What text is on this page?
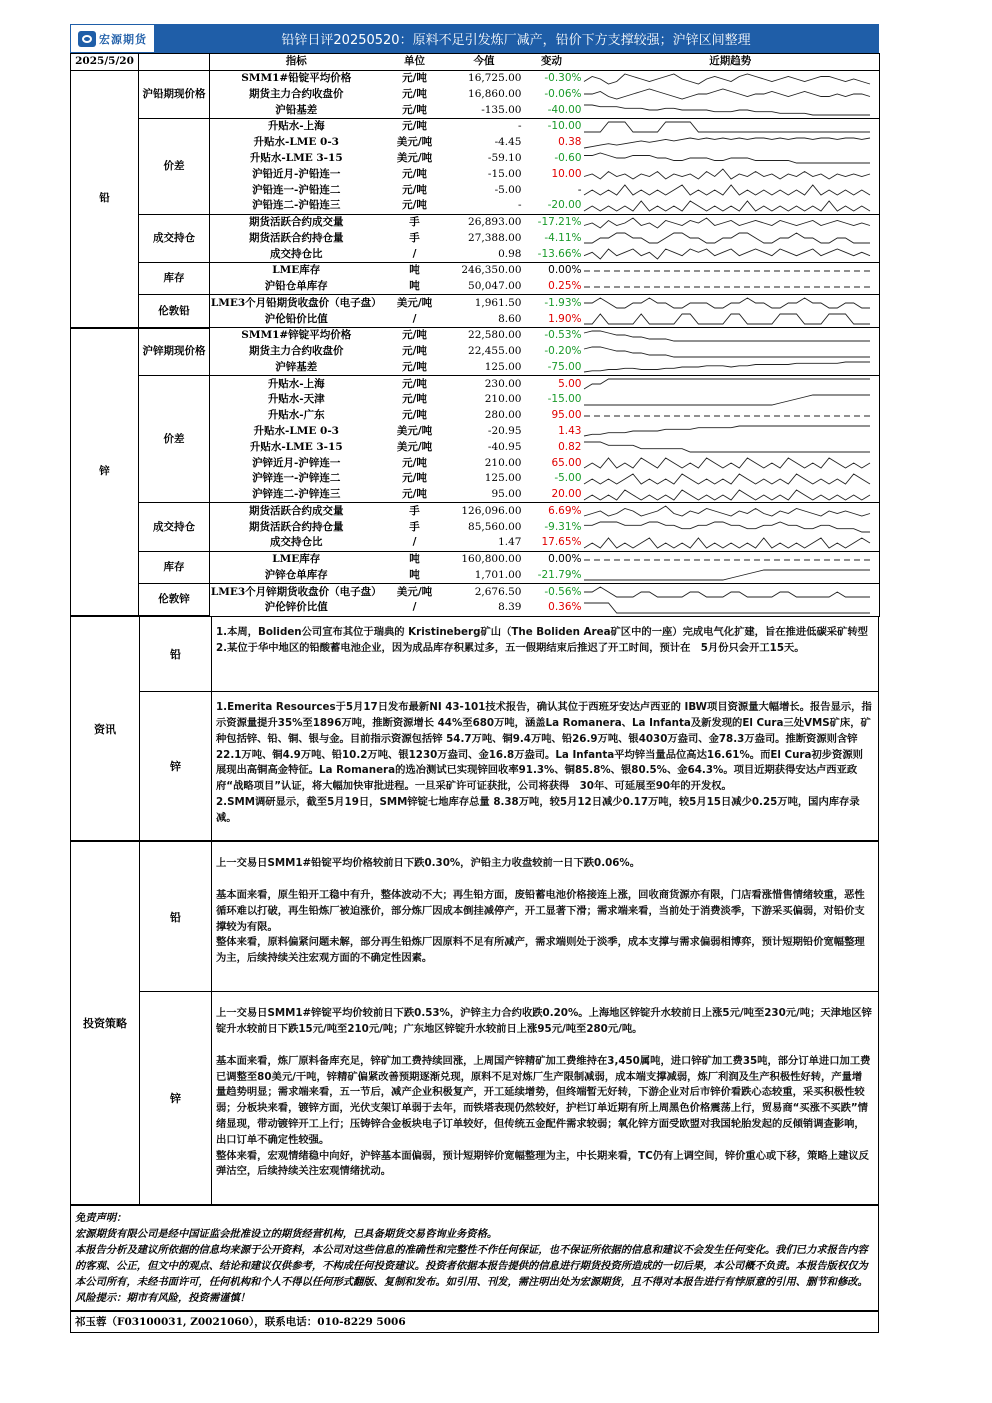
宏源期货	铅锌日评20250520：原料不足引发炼厂减产，铅价下方支撑较强；沪锌区间整理
2025/5/20		指标	单位	今值	变动	近期趋势
铅	沪铅期现价格	SMM1#铅锭平均价格	元/吨	16,725.00	-0.30%	

		期货主力合约收盘价	元/吨	16,860.00	-0.06%	

		沪铅基差	元/吨	-135.00	-40.00	

	价差	升贴水-上海	元/吨	-	-10.00	

		升贴水-LME 0-3	美元/吨	-4.45	0.38	

		升贴水-LME 3-15	美元/吨	-59.10	-0.60	

		沪铅近月-沪铅连一	元/吨	-15.00	10.00	

		沪铅连一-沪铅连二	元/吨	-5.00	-	

		沪铅连二-沪铅连三	元/吨	-	-20.00	

	成交持仓	期货活跃合约成交量	手	26,893.00	-17.21%	

		期货活跃合约持仓量	手	27,388.00	-4.11%	

		成交持仓比	/	0.98	-13.66%	

	库存	LME库存	吨	246,350.00	0.00%	

		沪铅仓单库存	吨	50,047.00	0.25%	

	伦敦铅	LME3个月铅期货收盘价（电子盘）	美元/吨	1,961.50	-1.93%	

		沪伦铅价比值	/	8.60	1.90%	

锌	沪锌期现价格	SMM1#锌锭平均价格	元/吨	22,580.00	-0.53%	

		期货主力合约收盘价	元/吨	22,455.00	-0.20%	

		沪锌基差	元/吨	125.00	-75.00	

	价差	升贴水-上海	元/吨	230.00	5.00	

		升贴水-天津	元/吨	210.00	-15.00	

		升贴水-广东	元/吨	280.00	95.00	

		升贴水-LME 0-3	美元/吨	-20.95	1.43	

		升贴水-LME 3-15	美元/吨	-40.95	0.82	

		沪锌近月-沪锌连一	元/吨	210.00	65.00	

		沪锌连一-沪锌连二	元/吨	125.00	-5.00	

		沪锌连二-沪锌连三	元/吨	95.00	20.00	

	成交持仓	期货活跃合约成交量	手	126,096.00	6.69%	

		期货活跃合约持仓量	手	85,560.00	-9.31%	

		成交持仓比	/	1.47	17.65%	

	库存	LME库存	吨	160,800.00	0.00%	

		沪锌仓单库存	吨	1,701.00	-21.79%	

	伦敦锌	LME3个月锌期货收盘价（电子盘）	美元/吨	2,676.50	-0.56%	

		沪伦锌价比值	/	8.39	0.36%	
资讯
铅

1.本周，Boliden公司宣布其位于瑞典的 Kristineberg矿山（The Boliden Area矿区中的一座）完成电气化扩建，旨在推进低碳采矿转型

2.某位于华中地区的铅酸蓄电池企业，因为成品库存积累过多，五一假期结束后推迟了开工时间，预计在　5月份只会开工15天。

锌

1.Emerita Resources于5月17日发布最新NI 43-101技术报告，确认其位于西班牙安达卢西亚的 IBW项目资源量大幅增长。报告显示，指示资源量提升35%至1896万吨，推断资源增长 44%至680万吨，涵盖La Romanera、La Infanta及新发现的El Cura三处VMS矿床，矿种包括锌、铅、铜、银与金。目前指示资源包括锌 54.7万吨、铜9.4万吨、铅26.9万吨、银4030万盎司、金78.3万盎司。推断资源则含锌22.1万吨、铜4.9万吨、铅10.2万吨、银1230万盎司、金16.8万盎司。La Infanta平均锌当量品位高达16.61%。而El Cura初步资源则展现出高铜高金特征。La Romanera的选冶测试已实现锌回收率91.3%、铜85.8%、银80.5%、金64.3%。项目近期获得安达卢西亚政府“战略项目”认证，将大幅加快审批进程。一旦采矿许可证获批，公司将获得　30年、可延展至90年的开发权。

2.SMM调研显示，截至5月19日，SMM锌锭七地库存总量 8.38万吨，较5月12日减少0.17万吨，较5月15日减少0.25万吨，国内库存录减。

投资策略
铅

上一交易日SMM1#铅锭平均价格较前日下跌0.30%，沪铅主力收盘较前一日下跌0.06%。

基本面来看，原生铅开工稳中有升，整体波动不大；再生铅方面，废铅蓄电池价格接连上涨，回收商货源亦有限，门店看涨惜售情绪较重，恶性循环难以打破，再生铅炼厂被迫涨价，部分炼厂因成本倒挂减停产，开工显著下滑；需求端来看，当前处于消费淡季，下游采买偏弱，对铅价支撑较为有限。

整体来看，原料偏紧问题未解，部分再生铅炼厂因原料不足有所减产，需求端则处于淡季，成本支撑与需求偏弱相博弈，预计短期铅价宽幅整理为主，后续持续关注宏观方面的不确定性因素。

锌

上一交易日SMM1#锌锭平均价较前日下跌0.53%，沪锌主力合约收跌0.20%。上海地区锌锭升水较前日上涨5元/吨至230元/吨；天津地区锌锭升水较前日下跌15元/吨至210元/吨；广东地区锌锭升水较前日上涨95元/吨至280元/吨。

基本面来看，炼厂原料备库充足，锌矿加工费持续回涨，上周国产锌精矿加工费维持在3,450属吨，进口锌矿加工费35吨，部分订单进口加工费已调整至80美元/干吨，锌精矿偏紧改善预期逐渐兑现，原料不足对炼厂生产限制减弱，成本端支撑减弱，炼厂利润及生产积极性好转，产量增量趋势明显；需求端来看，五一节后，减产企业积极复产，开工延续增势，但终端暂无好转，下游企业对后市锌价看跌心态较重，采买积极性较弱；分板块来看，镀锌方面，光伏支架订单弱于去年，而铁塔表现仍然较好，护栏订单近期有所上周黑色价格震荡上行，贸易商“买涨不买跌”情绪显现，带动镀锌开工上行；压铸锌合金板块电子订单较好，但传统五金配件需求较弱；氧化锌方面受欧盟对我国轮胎发起的反倾销调查影响，出口订单不确定性较强。

整体来看，宏观情绪稳中向好，沪锌基本面偏弱，预计短期锌价宽幅整理为主，中长期来看，TC仍有上调空间，锌价重心或下移，策略上建议反弹沽空，后续持续关注宏观情绪扰动。

免责声明：

宏源期货有限公司是经中国证监会批准设立的期货经营机构，已具备期货交易咨询业务资格。

本报告分析及建议所依据的信息均来源于公开资料，本公司对这些信息的准确性和完整性不作任何保证，也不保证所依据的信息和建议不会发生任何变化。我们已力求报告内容的客观、公正，但文中的观点、结论和建议仅供参考，不构成任何投资建议。投资者依据本报告提供的信息进行期货投资所造成的一切后果，本公司概不负责。本报告版权仅为本公司所有，未经书面许可，任何机构和个人不得以任何形式翻版、复制和发布。如引用、刊发，需注明出处为宏源期货，且不得对本报告进行有悖原意的引用、删节和修改。

风险提示：期市有风险，投资需谨慎！

祁玉蓉（F03100031, Z0021060），联系电话：010-8229 5006
